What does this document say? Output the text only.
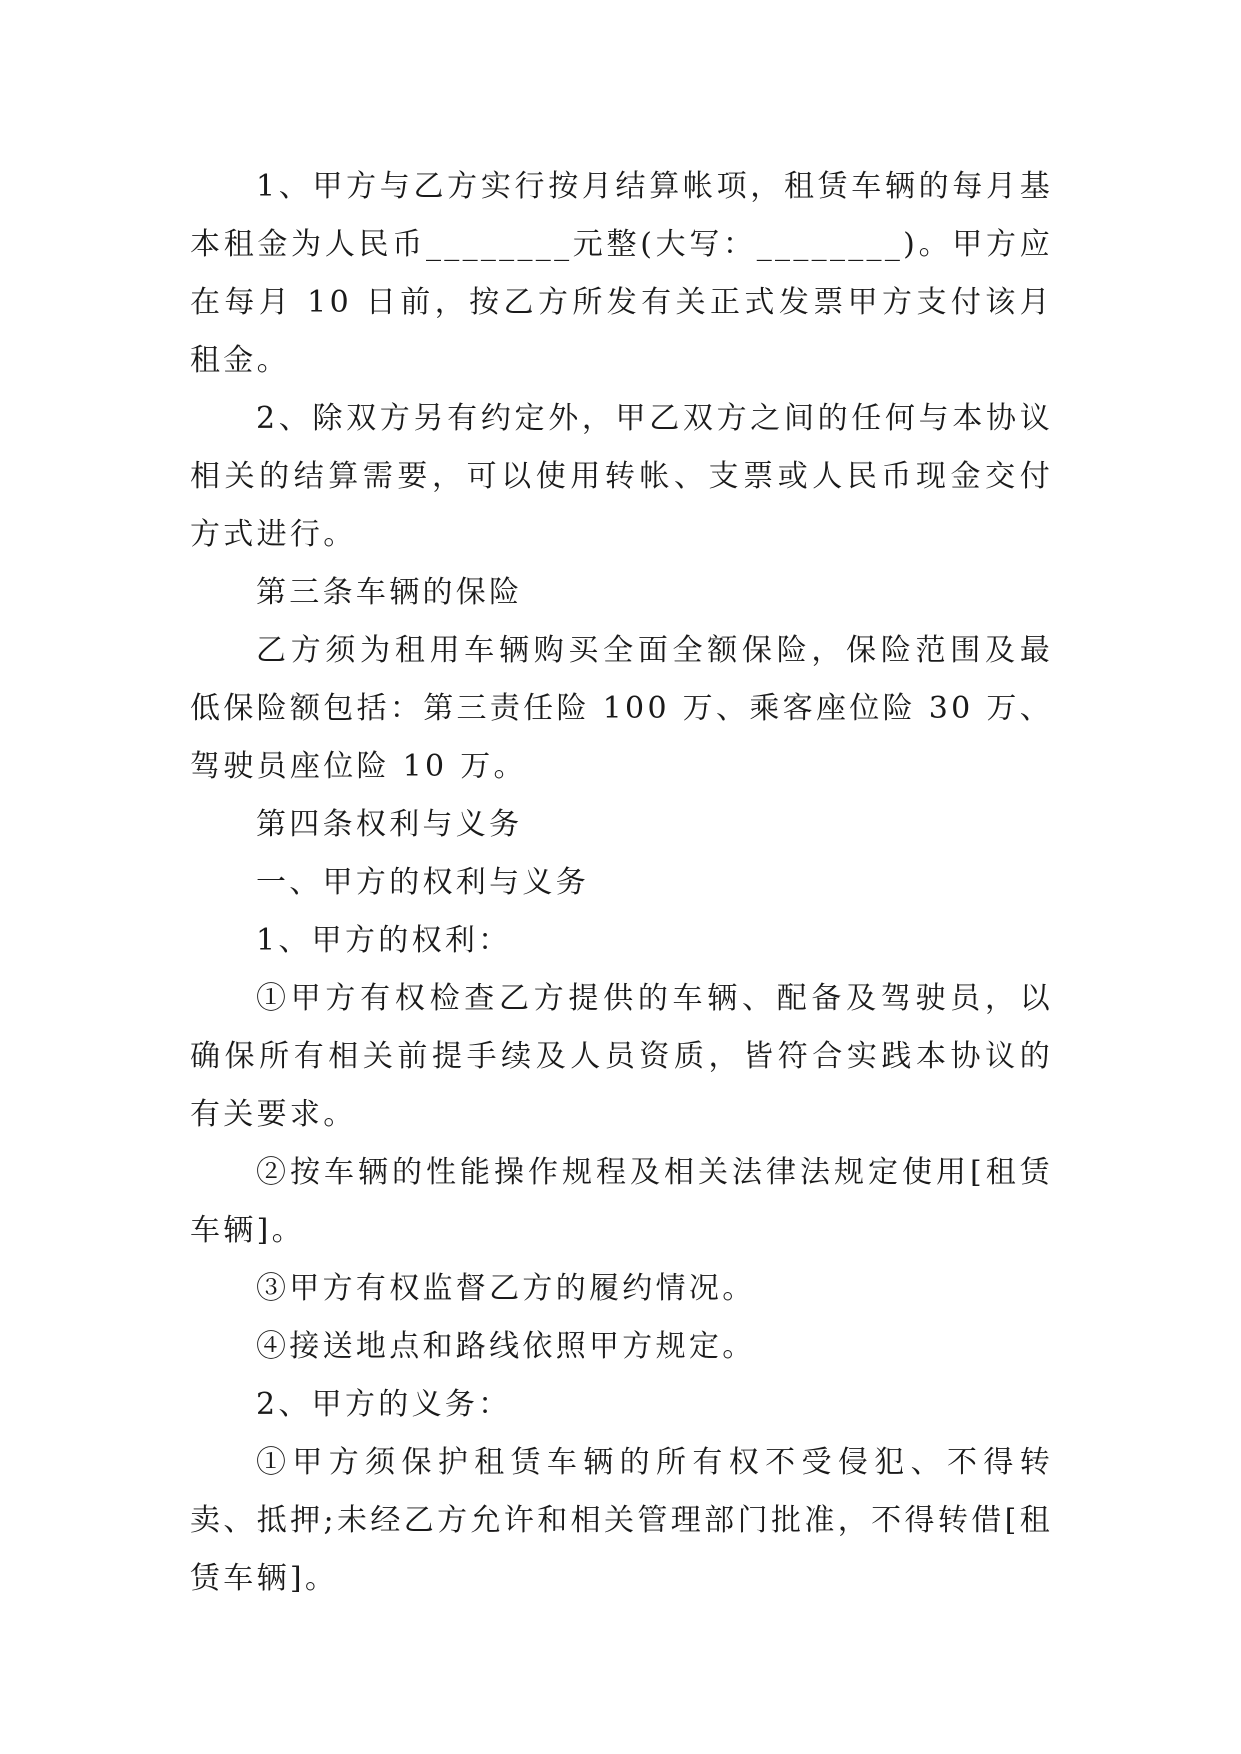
1、甲方与乙方实行按月结算帐项，租赁车辆的每月基本租金为人民币________元整(大写：________)。甲方应在每月 10 日前，按乙方所发有关正式发票甲方支付该月租金。

2、除双方另有约定外，甲乙双方之间的任何与本协议相关的结算需要，可以使用转帐、支票或人民币现金交付方式进行。

第三条车辆的保险

乙方须为租用车辆购买全面全额保险，保险范围及最低保险额包括：第三责任险 100 万、乘客座位险 30 万、驾驶员座位险 10 万。

第四条权利与义务

一、甲方的权利与义务

1、甲方的权利：

①甲方有权检查乙方提供的车辆、配备及驾驶员，以确保所有相关前提手续及人员资质，皆符合实践本协议的有关要求。

②按车辆的性能操作规程及相关法律法规定使用[租赁车辆]。

③甲方有权监督乙方的履约情况。

④接送地点和路线依照甲方规定。

2、甲方的义务：

①甲方须保护租赁车辆的所有权不受侵犯、不得转卖、抵押;未经乙方允许和相关管理部门批准，不得转借[租赁车辆]。
